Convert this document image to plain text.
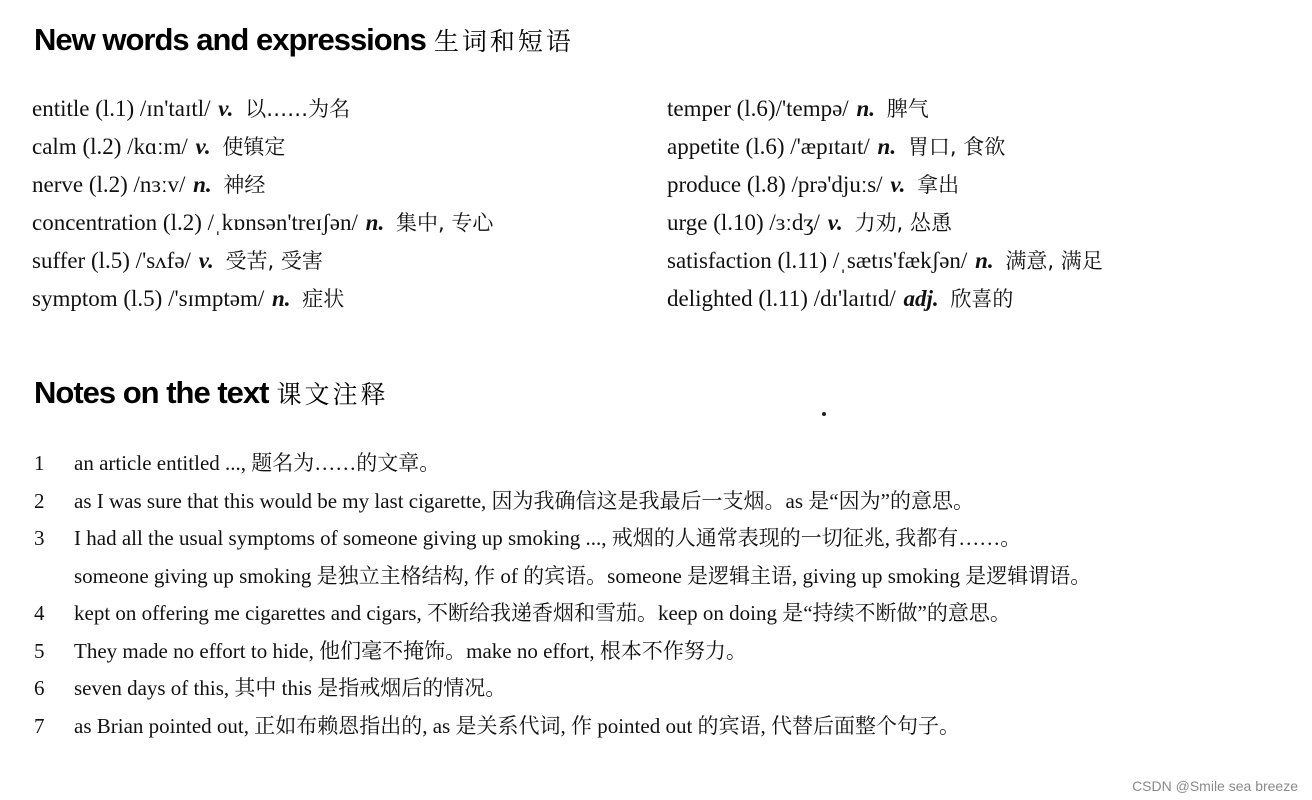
New words and expressions 生词和短语
entitle (l.1) /ɪn'taɪtl/ v. 以……为名
calm (l.2) /kɑːm/ v. 使镇定
nerve (l.2) /nɜːv/ n. 神经
concentration (l.2) /ˌkɒnsən'treɪʃən/ n. 集中, 专心
suffer (l.5) /'sʌfə/ v. 受苦, 受害
symptom (l.5) /'sɪmptəm/ n. 症状
temper (l.6)/'tempə/ n. 脾气
appetite (l.6) /'æpɪtaɪt/ n. 胃口, 食欲
produce (l.8) /prə'djuːs/ v. 拿出
urge (l.10) /ɜːdʒ/ v. 力劝, 怂恿
satisfaction (l.11) /ˌsætɪs'fækʃən/ n. 满意, 满足
delighted (l.11) /dɪ'laɪtɪd/ adj. 欣喜的
Notes on the text 课文注释
1	an article entitled ..., 题名为……的文章。
2	as I was sure that this would be my last cigarette, 因为我确信这是我最后一支烟。as 是“因为”的意思。
3	I had all the usual symptoms of someone giving up smoking ..., 戒烟的人通常表现的一切征兆, 我都有……。
someone giving up smoking 是独立主格结构, 作 of 的宾语。someone 是逻辑主语, giving up smoking 是逻辑谓语。
4	kept on offering me cigarettes and cigars, 不断给我递香烟和雪茄。keep on doing 是“持续不断做”的意思。
5	They made no effort to hide, 他们毫不掩饰。make no effort, 根本不作努力。
6	seven days of this, 其中 this 是指戒烟后的情况。
7	as Brian pointed out, 正如布赖恩指出的, as 是关系代词, 作 pointed out 的宾语, 代替后面整个句子。
CSDN @Smile sea breeze
